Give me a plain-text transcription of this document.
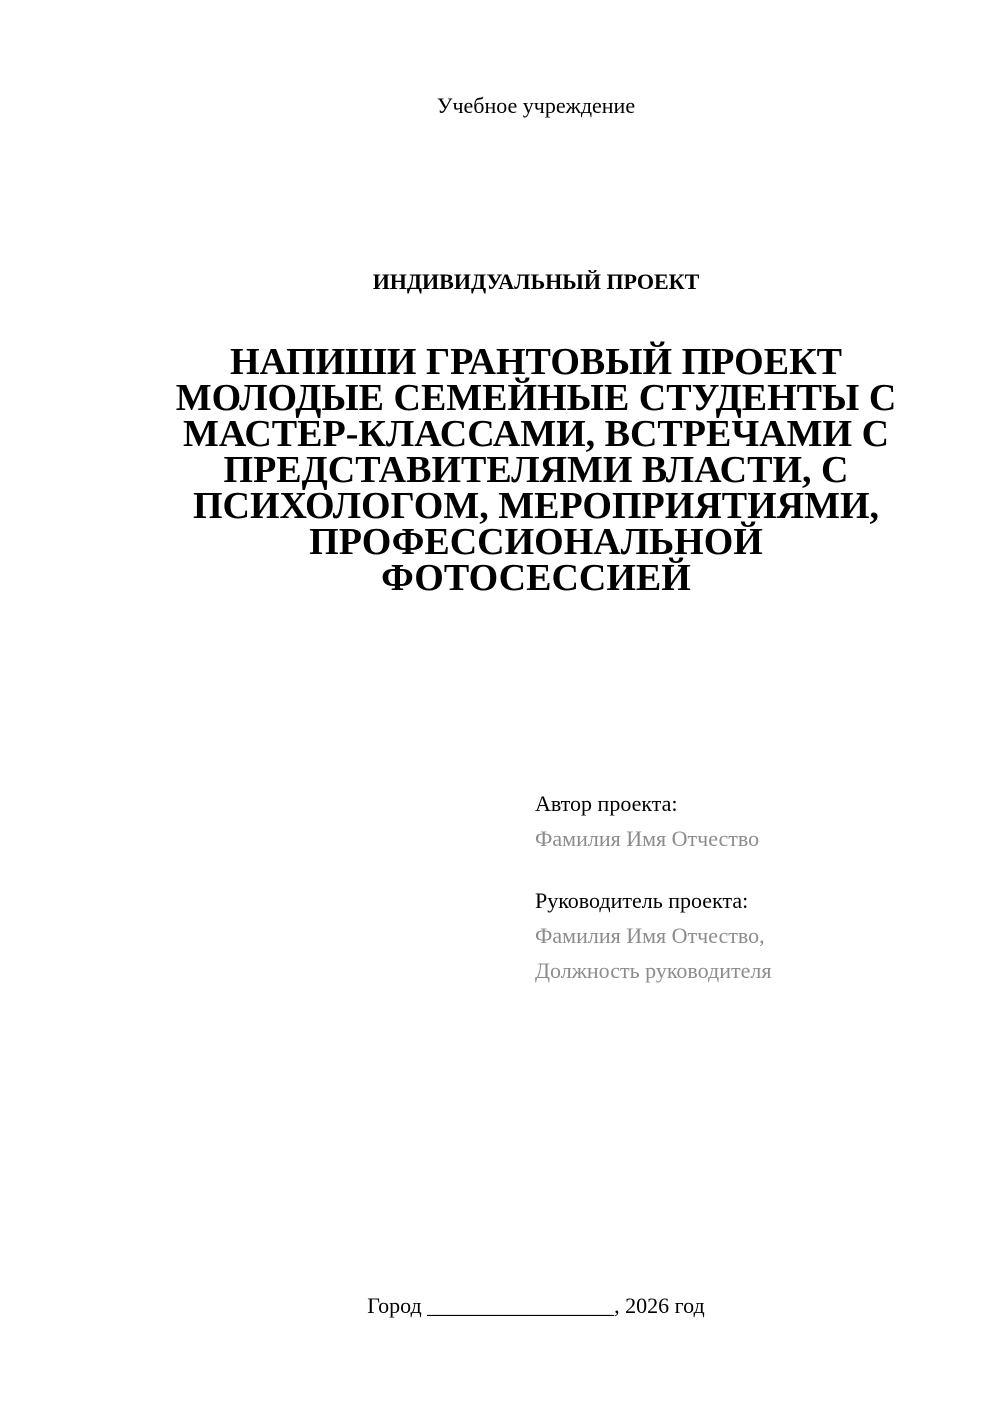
Учебное учреждение
ИНДИВИДУАЛЬНЫЙ ПРОЕКТ
НАПИШИ ГРАНТОВЫЙ ПРОЕКТ
МОЛОДЫЕ СЕМЕЙНЫЕ СТУДЕНТЫ С
МАСТЕР-КЛАССАМИ, ВСТРЕЧАМИ С
ПРЕДСТАВИТЕЛЯМИ ВЛАСТИ, С
ПСИХОЛОГОМ, МЕРОПРИЯТИЯМИ,
ПРОФЕССИОНАЛЬНОЙ
ФОТОСЕССИЕЙ
Автор проекта:
Фамилия Имя Отчество
Руководитель проекта:
Фамилия Имя Отчество,
Должность руководителя
Город _________________, 2026 год
